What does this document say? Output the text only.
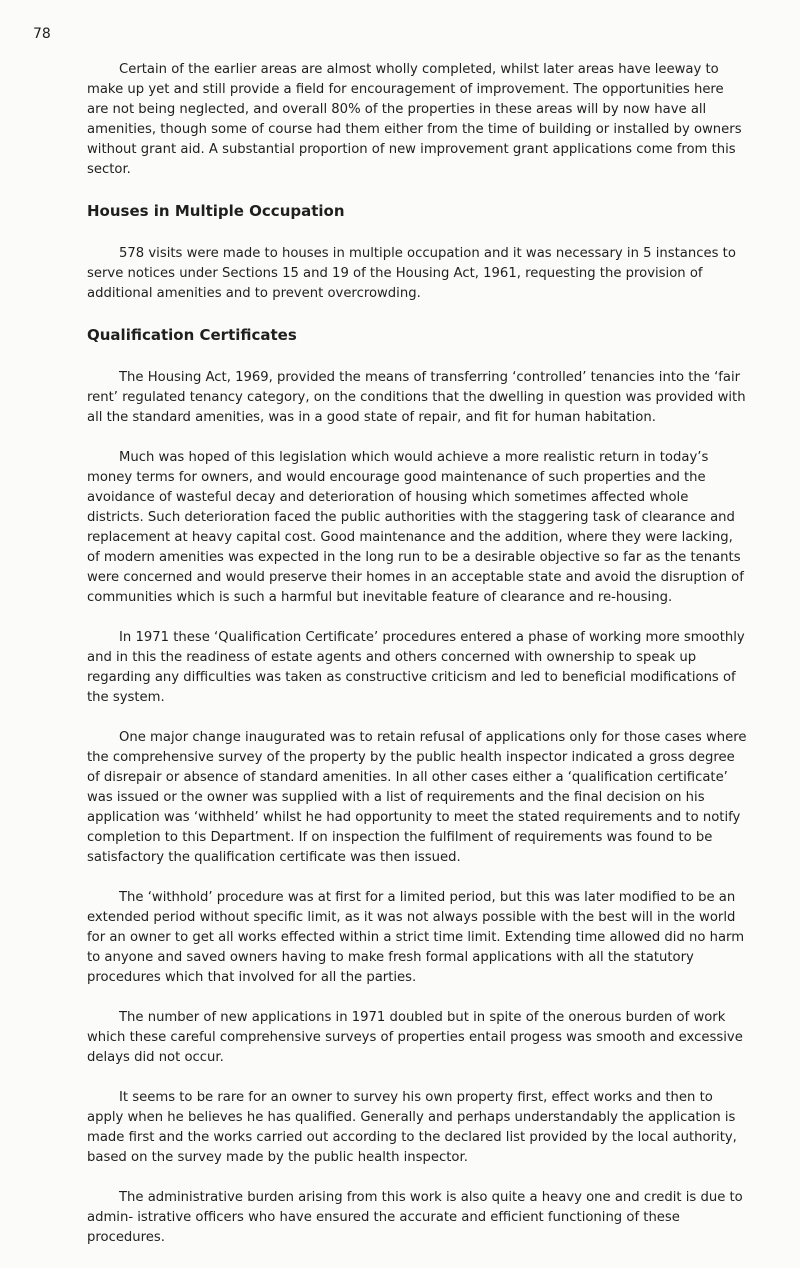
78

Certain of the earlier areas are almost wholly completed, whilst later areas have leeway to make up yet and still provide a field for encouragement of improvement. The opportunities here are not being neglected, and overall 80% of the properties in these areas will by now have all amenities, though some of course had them either from the time of building or installed by owners without grant aid. A substantial proportion of new improvement grant applications come from this sector.

Houses in Multiple Occupation

578 visits were made to houses in multiple occupation and it was necessary in 5 instances to serve notices under Sections 15 and 19 of the Housing Act, 1961, requesting the provision of additional amenities and to prevent overcrowding.

Qualification Certificates

The Housing Act, 1969, provided the means of transferring ‘controlled’ tenancies into the ‘fair rent’ regulated tenancy category, on the conditions that the dwelling in question was provided with all the standard amenities, was in a good state of repair, and fit for human habitation.

Much was hoped of this legislation which would achieve a more realistic return in today’s money terms for owners, and would encourage good maintenance of such properties and the avoidance of wasteful decay and deterioration of housing which sometimes affected whole districts. Such deterioration faced the public authorities with the staggering task of clearance and replacement at heavy capital cost. Good maintenance and the addition, where they were lacking, of modern amenities was expected in the long run to be a desirable objective so far as the tenants were concerned and would preserve their homes in an acceptable state and avoid the disruption of communities which is such a harmful but inevitable feature of clearance and re-housing.

In 1971 these ‘Qualification Certificate’ procedures entered a phase of working more smoothly and in this the readiness of estate agents and others concerned with ownership to speak up regarding any difficulties was taken as constructive criticism and led to beneficial modifications of the system.

One major change inaugurated was to retain refusal of applications only for those cases where the comprehensive survey of the property by the public health inspector indicated a gross degree of disrepair or absence of standard amenities. In all other cases either a ‘qualification certificate’ was issued or the owner was supplied with a list of requirements and the final decision on his application was ‘withheld’ whilst he had opportunity to meet the stated requirements and to notify completion to this Department. If on inspection the fulfilment of requirements was found to be satisfactory the qualification certificate was then issued.

The ‘withhold’ procedure was at first for a limited period, but this was later modified to be an extended period without specific limit, as it was not always possible with the best will in the world for an owner to get all works effected within a strict time limit. Extending time allowed did no harm to anyone and saved owners having to make fresh formal applications with all the statutory procedures which that involved for all the parties.

The number of new applications in 1971 doubled but in spite of the onerous burden of work which these careful comprehensive surveys of properties entail progess was smooth and excessive delays did not occur.

It seems to be rare for an owner to survey his own property first, effect works and then to apply when he believes he has qualified. Generally and perhaps understandably the application is made first and the works carried out according to the declared list provided by the local authority, based on the survey made by the public health inspector.

The administrative burden arising from this work is also quite a heavy one and credit is due to admin- istrative officers who have ensured the accurate and efficient functioning of these procedures.
